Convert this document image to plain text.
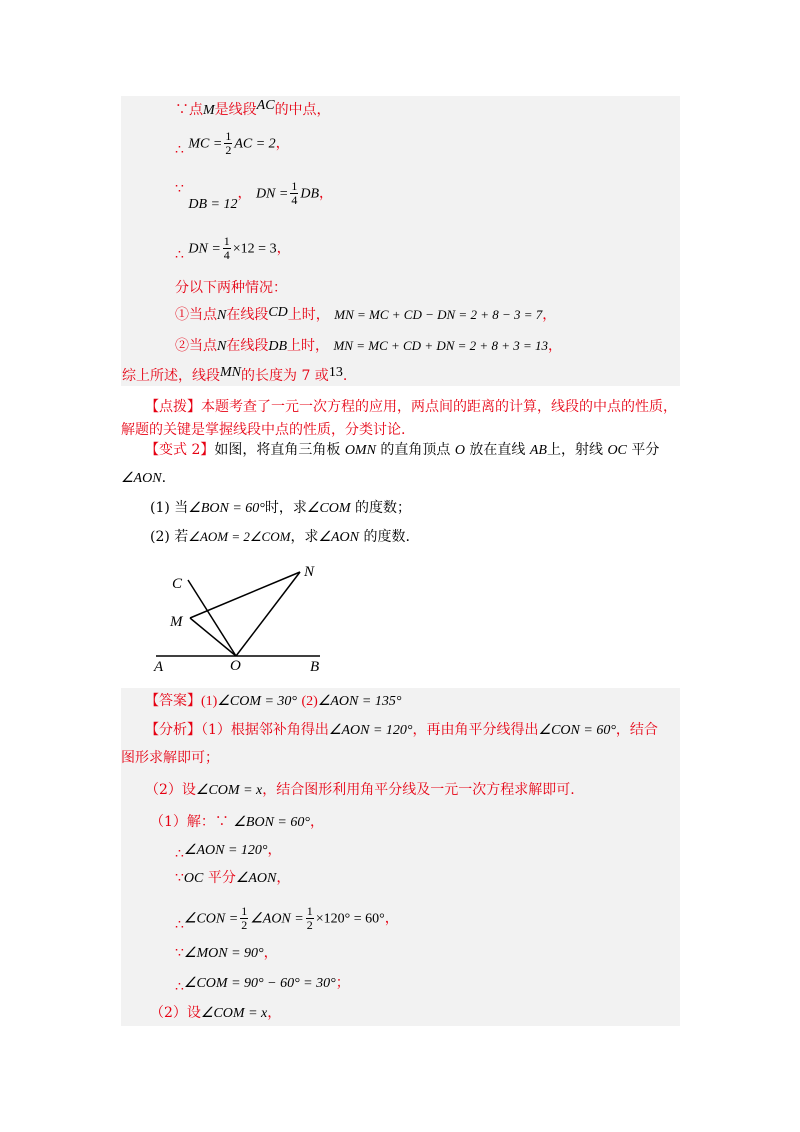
∵点M是线段AC的中点，
∴ MC = $\frac{1}{2}$ AC = 2，
∵ DB = 12， DN = $\frac{1}{4}$ DB，
∴ DN = $\frac{1}{4} \times 12 = 3$，
分以下两种情况：
①当点N在线段CD上时， MN = MC + CD − DN = 2 + 8 − 3 = 7，
②当点N在线段DB上时， MN = MC + CD + DN = 2 + 8 + 3 = 13，
综上所述，线段MN的长度为 7 或13.
【点拨】本题考查了一元一次方程的应用，两点间的距离的计算，线段的中点的性质，
解题的关键是掌握线段中点的性质，分类讨论.
【变式 2】如图，将直角三角板 OMN 的直角顶点 O 放在直线 AB上，射线 OC 平分
∠AON.
(1) 当∠BON = 60°时，求∠COM 的度数；
(2) 若∠AOM = 2∠COM，求∠AON 的度数.
C
N
M
A	O	B
【答案】(1)∠COM = 30° (2)∠AON = 135°
【分析】（1）根据邻补角得出∠AON = 120°，再由角平分线得出∠CON = 60°，结合
图形求解即可；
（2）设∠COM = x，结合图形利用角平分线及一元一次方程求解即可.
（1）解：∵ ∠BON = 60°，
∴∠AON = 120°，
∵OC 平分∠AON，
∴∠CON = $\frac{1}{2}$ ∠AON = $\frac{1}{2} \times 120^\circ = 60^\circ$，
∵∠MON = 90°，
∴∠COM = 90° − 60° = 30°；
（2）设∠COM = x，
